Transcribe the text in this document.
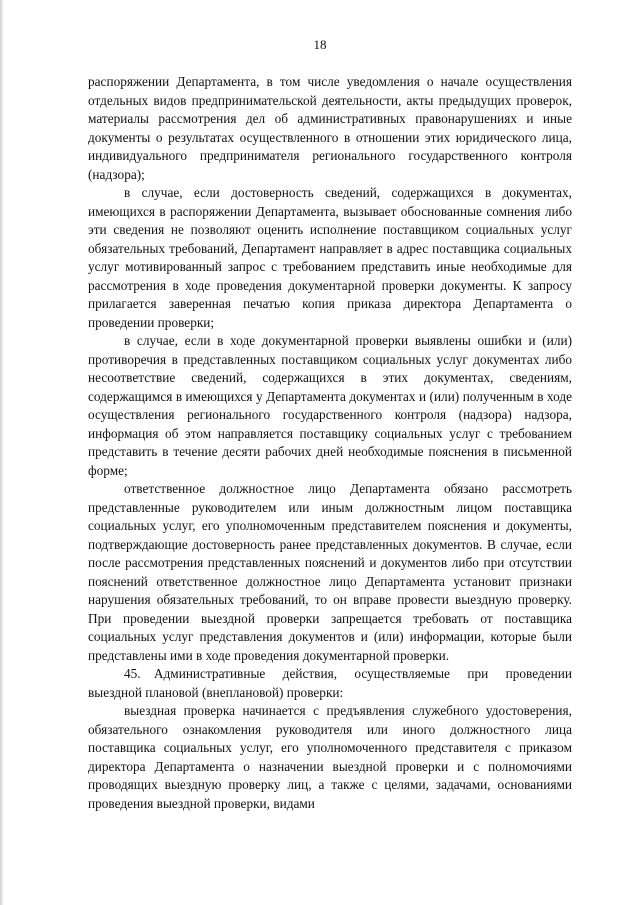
18

распоряжении Департамента, в том числе уведомления о начале осуществления отдельных видов предпринимательской деятельности, акты предыдущих проверок, материалы рассмотрения дел об административных правонарушениях и иные документы о результатах осуществленного в отношении этих юридического лица, индивидуального предпринимателя регионального государственного контроля (надзора);

в случае, если достоверность сведений, содержащихся в документах, имеющихся в распоряжении Департамента, вызывает обоснованные сомнения либо эти сведения не позволяют оценить исполнение поставщиком социальных услуг обязательных требований, Департамент направляет в адрес поставщика социальных услуг мотивированный запрос с требованием представить иные необходимые для рассмотрения в ходе проведения документарной проверки документы. К запросу прилагается заверенная печатью копия приказа директора Департамента о проведении проверки;

в случае, если в ходе документарной проверки выявлены ошибки и (или) противоречия в представленных поставщиком социальных услуг документах либо несоответствие сведений, содержащихся в этих документах, сведениям, содержащимся в имеющихся у Департамента документах и (или) полученным в ходе осуществления регионального государственного контроля (надзора) надзора, информация об этом направляется поставщику социальных услуг с требованием представить в течение десяти рабочих дней необходимые пояснения в письменной форме;

ответственное должностное лицо Департамента обязано рассмотреть представленные руководителем или иным должностным лицом поставщика социальных услуг, его уполномоченным представителем пояснения и документы, подтверждающие достоверность ранее представленных документов. В случае, если после рассмотрения представленных пояснений и документов либо при отсутствии пояснений ответственное должностное лицо Департамента установит признаки нарушения обязательных требований, то он вправе провести выездную проверку. При проведении выездной проверки запрещается требовать от поставщика социальных услуг представления документов и (или) информации, которые были представлены ими в ходе проведения документарной проверки.

45. Административные действия, осуществляемые при проведении выездной плановой (внеплановой) проверки:

выездная проверка начинается с предъявления служебного удостоверения, обязательного ознакомления руководителя или иного должностного лица поставщика социальных услуг, его уполномоченного представителя с приказом директора Департамента о назначении выездной проверки и с полномочиями проводящих выездную проверку лиц, а также с целями, задачами, основаниями проведения выездной проверки, видами
